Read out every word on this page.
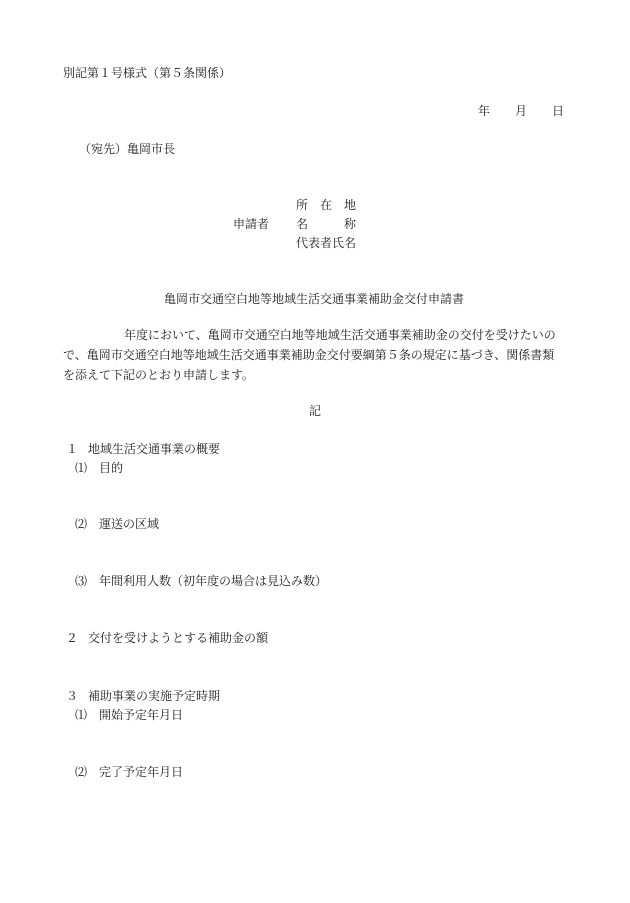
別記第１号様式（第５条関係）
年 月 日
（宛先）亀岡市長
所　在　地
申請者 名	称
代表者氏名
亀岡市交通空白地等地域生活交通事業補助金交付申請書
年度において、亀岡市交通空白地等地域生活交通事業補助金の交付を受けたいの
で、亀岡市交通空白地等地域生活交通事業補助金交付要綱第５条の規定に基づき、関係書類
を添えて下記のとおり申請します。
記
１ 地域生活交通事業の概要
⑴ 目的
⑵ 運送の区域
⑶ 年間利用人数（初年度の場合は見込み数）
２ 交付を受けようとする補助金の額
３ 補助事業の実施予定時期
⑴ 開始予定年月日
⑵ 完了予定年月日
